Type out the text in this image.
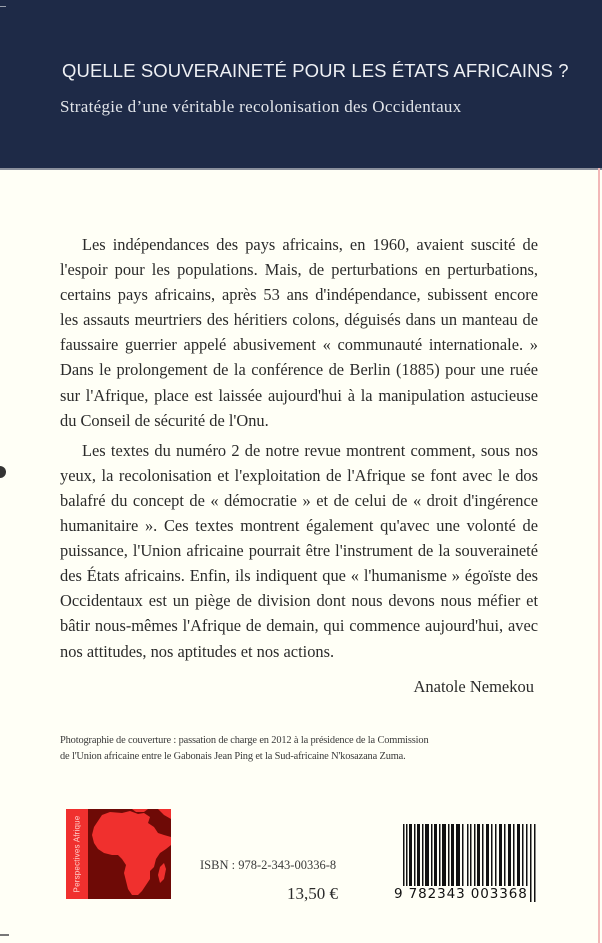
QUELLE SOUVERAINETÉ POUR LES ÉTATS AFRICAINS ?
Stratégie d’une véritable recolonisation des Occidentaux

Les indépendances des pays africains, en 1960, avaient suscité de l'espoir pour les populations. Mais, de perturbations en perturbations, certains pays africains, après 53 ans d'indépendance, subissent encore les assauts meurtriers des héritiers colons, déguisés dans un manteau de faussaire guerrier appelé abusivement « communauté internationale. » Dans le prolongement de la conférence de Berlin (1885) pour une ruée sur l'Afrique, place est laissée aujourd'hui à la manipulation astucieuse du Conseil de sécurité de l'Onu.

Les textes du numéro 2 de notre revue montrent comment, sous nos yeux, la recolonisation et l'exploitation de l'Afrique se font avec le dos balafré du concept de « démocratie » et de celui de « droit d'ingérence humanitaire ». Ces textes montrent également qu'avec une volonté de puissance, l'Union africaine pourrait être l'instrument de la souveraineté des États africains. Enfin, ils indiquent que « l'humanisme » égoïste des Occidentaux est un piège de division dont nous devons nous méfier et bâtir nous-mêmes l'Afrique de demain, qui commence aujourd'hui, avec nos attitudes, nos aptitudes et nos actions.

Anatole Nemekou
Photographie de couverture : passation de charge en 2012 à la présidence de la Commission
de l'Union africaine entre le Gabonais Jean Ping et la Sud-africaine N'kosazana Zuma.
Perspectives Afrique	ISBN : 978-2-343-00336-8
13,50 €	9 782343 003368
